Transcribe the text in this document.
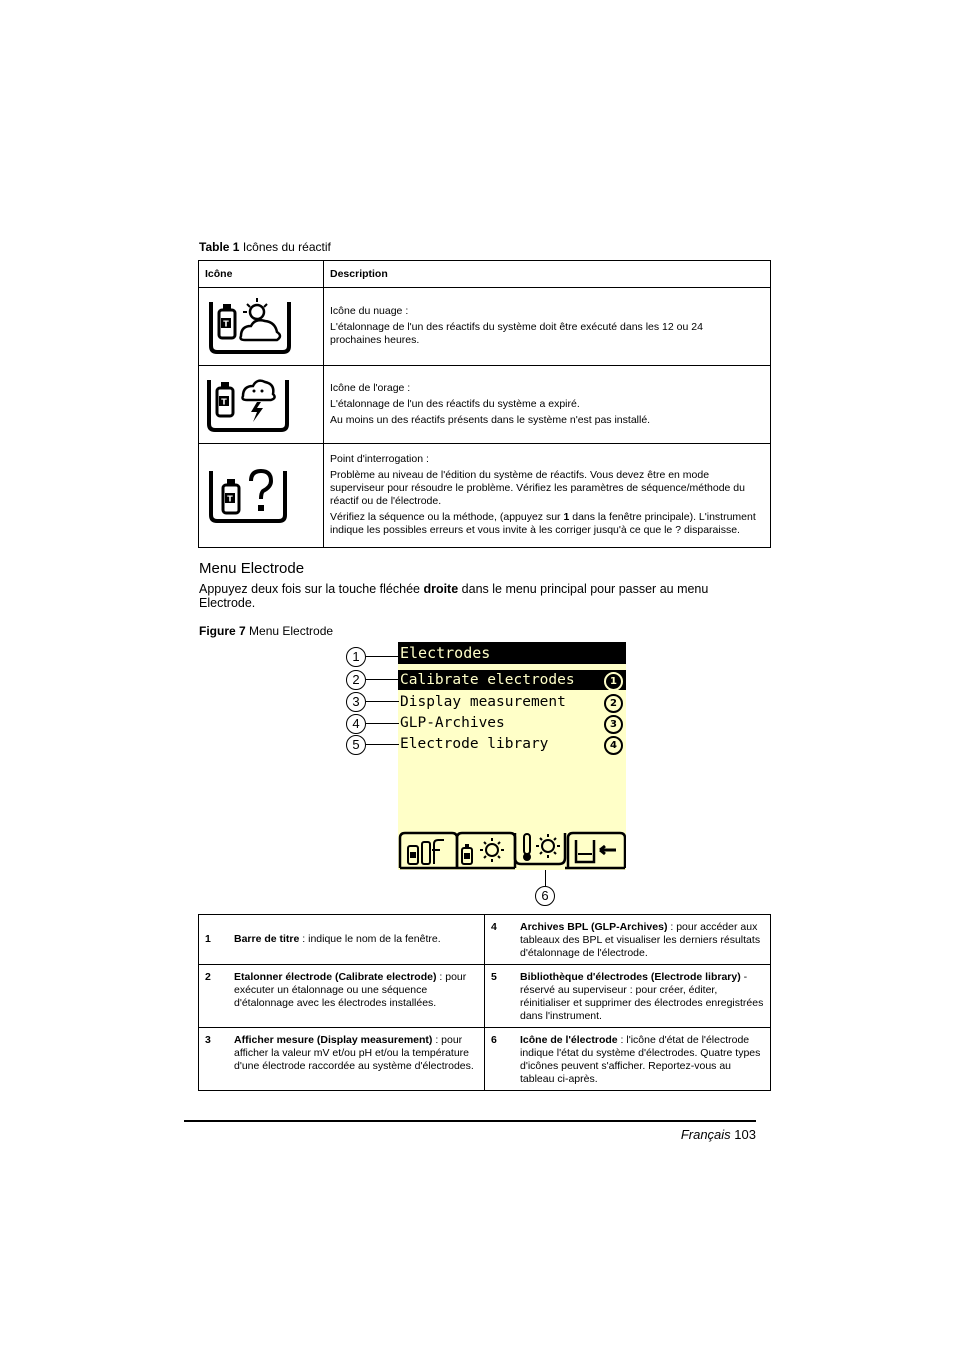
Table 1 Icônes du réactif
Icône	Description

T	Icône du nuage :

L'étalonnage de l'un des réactifs du système doit être exécuté dans les 12 ou 24 prochaines heures.

T	Icône de l'orage :

L'étalonnage de l'un des réactifs du système a expiré.

Au moins un des réactifs présents dans le système n'est pas installé.

T	Point d'interrogation :

Problème au niveau de l'édition du système de réactifs. Vous devez être en mode superviseur pour résoudre le problème. Vérifiez les paramètres de séquence/méthode du réactif ou de l'électrode.

Vérifiez la séquence ou la méthode, (appuyez sur 1 dans la fenêtre principale). L'instrument indique les possibles erreurs et vous invite à les corriger jusqu'à ce que le ? disparaisse.

Menu Electrode
Appuyez deux fois sur la touche fléchée droite dans le menu principal pour passer au menu Electrode.
Figure 7 Menu Electrode
Electrodes
Calibrate electrodes	1
Display measurement	2
GLP-Archives	3
Electrode library	4
1
2
3
4
5
6
1 Barre de titre : indique le nom de la fenêtre.	4 Archives BPL (GLP-Archives) : pour accéder aux tableaux des BPL et visualiser les derniers résultats d'étalonnage de l'électrode.

2 Etalonner électrode (Calibrate electrode) : pour exécuter un étalonnage ou une séquence d'étalonnage avec les électrodes installées.	5 Bibliothèque d'électrodes (Electrode library) - réservé au superviseur : pour créer, éditer, réinitialiser et supprimer des électrodes enregistrées dans l'instrument.

3 Afficher mesure (Display measurement) : pour afficher la valeur mV et/ou pH et/ou la température d'une électrode raccordée au système d'électrodes.	6 Icône de l'électrode : l'icône d'état de l'électrode indique l'état du système d'électrodes. Quatre types d'icônes peuvent s'afficher. Reportez-vous au tableau ci-après.
Français 103
